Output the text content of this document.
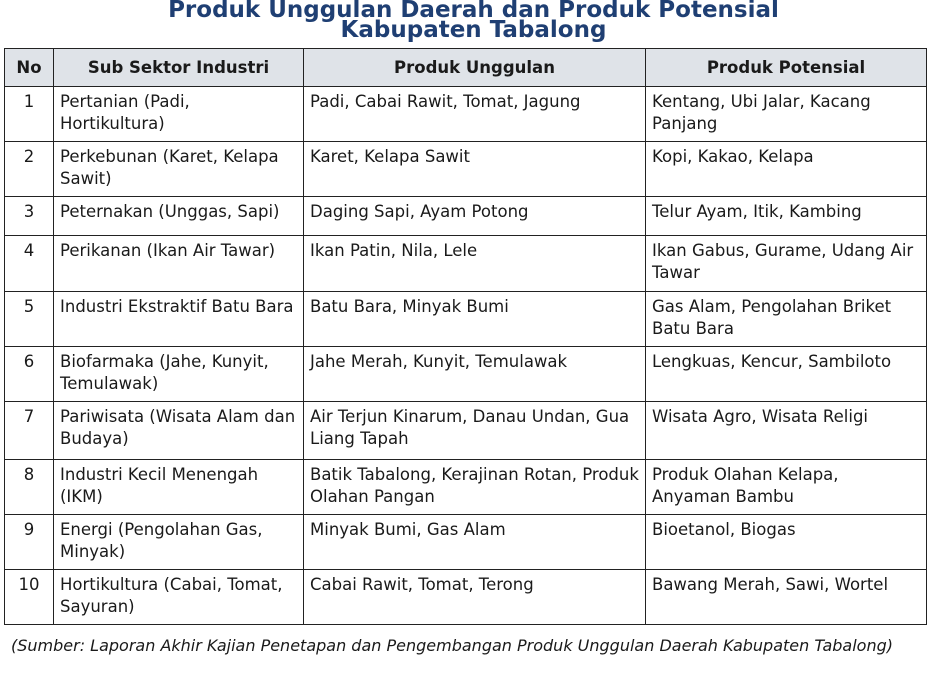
Produk Unggulan Daerah dan Produk Potensial
Kabupaten Tabalong
No	Sub Sektor Industri	Produk Unggulan	Produk Potensial
1	Pertanian (Padi, Hortikultura)	Padi, Cabai Rawit, Tomat, Jagung	Kentang, Ubi Jalar, Kacang Panjang
2	Perkebunan (Karet, Kelapa Sawit)	Karet, Kelapa Sawit	Kopi, Kakao, Kelapa
3	Peternakan (Unggas, Sapi)	Daging Sapi, Ayam Potong	Telur Ayam, Itik, Kambing
4	Perikanan (Ikan Air Tawar)	Ikan Patin, Nila, Lele	Ikan Gabus, Gurame, Udang Air Tawar
5	Industri Ekstraktif Batu Bara	Batu Bara, Minyak Bumi	Gas Alam, Pengolahan Briket Batu Bara
6	Biofarmaka (Jahe, Kunyit, Temulawak)	Jahe Merah, Kunyit, Temulawak	Lengkuas, Kencur, Sambiloto
7	Pariwisata (Wisata Alam dan Budaya)	Air Terjun Kinarum, Danau Undan, Gua Liang Tapah	Wisata Agro, Wisata Religi
8	Industri Kecil Menengah (IKM)	Batik Tabalong, Kerajinan Rotan, Produk Olahan Pangan	Produk Olahan Kelapa, Anyaman Bambu
9	Energi (Pengolahan Gas, Minyak)	Minyak Bumi, Gas Alam	Bioetanol, Biogas
10	Hortikultura (Cabai, Tomat, Sayuran)	Cabai Rawit, Tomat, Terong	Bawang Merah, Sawi, Wortel

(Sumber: Laporan Akhir Kajian Penetapan dan Pengembangan Produk Unggulan Daerah Kabupaten Tabalong)
